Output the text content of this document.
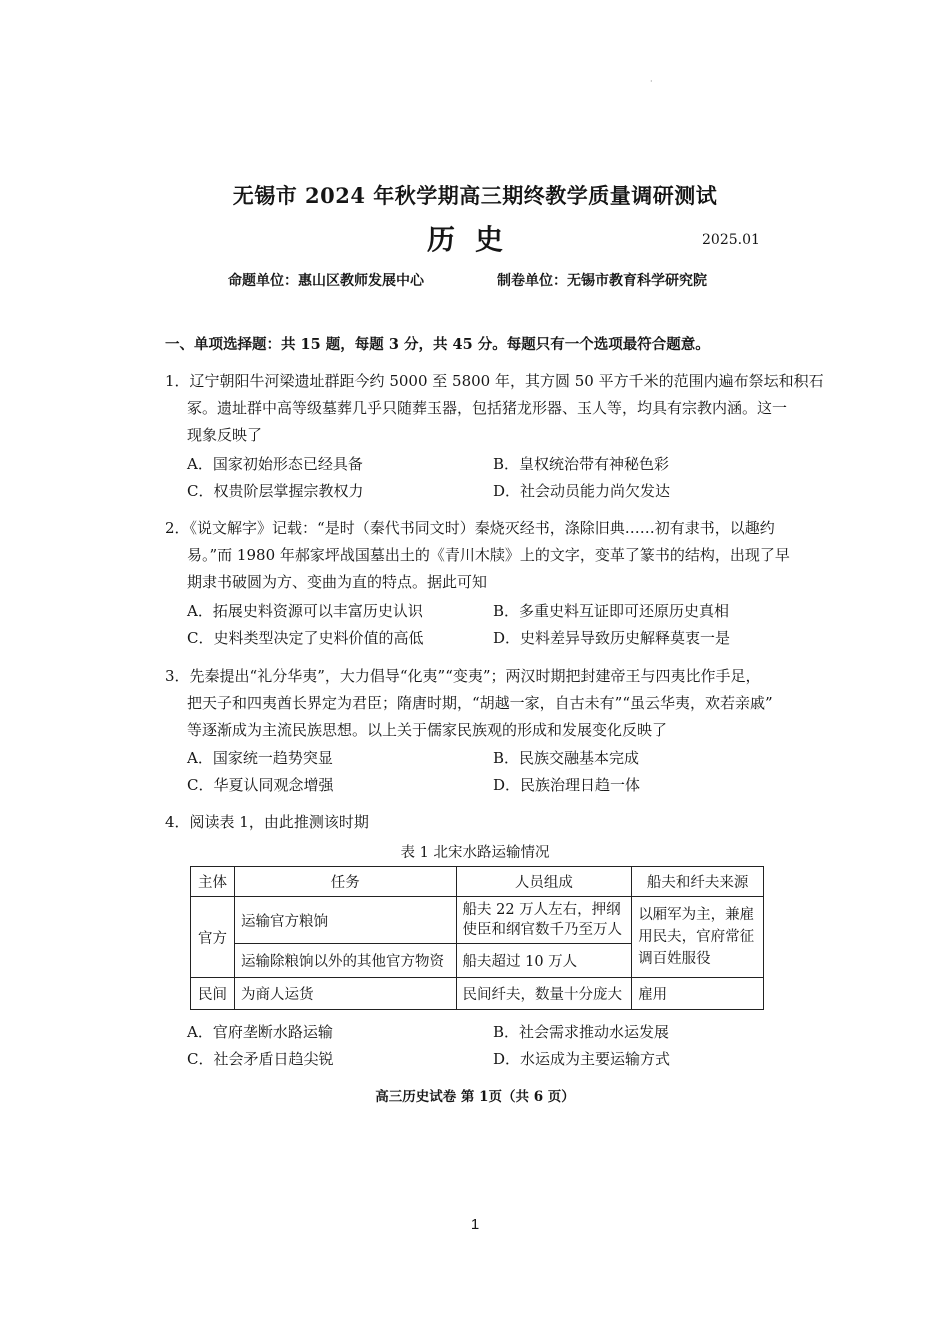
·
无锡市 2024 年秋学期高三期终教学质量调研测试
历史	2025.01
命题单位：惠山区教师发展中心	制卷单位：无锡市教育科学研究院
一、单项选择题：共 15 题，每题 3 分，共 45 分。每题只有一个选项最符合题意。
1．辽宁朝阳牛河梁遗址群距今约 5000 至 5800 年，其方圆 50 平方千米的范围内遍布祭坛和积石
冢。遗址群中高等级墓葬几乎只随葬玉器，包括猪龙形器、玉人等，均具有宗教内涵。这一
现象反映了
A．国家初始形态已经具备	B．皇权统治带有神秘色彩
C．权贵阶层掌握宗教权力	D．社会动员能力尚欠发达
2．《说文解字》记载：“是时（秦代书同文时）秦烧灭经书，涤除旧典……初有隶书，以趣约
易。”而 1980 年郝家坪战国墓出土的《青川木牍》上的文字，变革了篆书的结构，出现了早
期隶书破圆为方、变曲为直的特点。据此可知
A．拓展史料资源可以丰富历史认识	B．多重史料互证即可还原历史真相
C．史料类型决定了史料价值的高低	D．史料差异导致历史解释莫衷一是
3．先秦提出“礼分华夷”，大力倡导“化夷”“变夷”；两汉时期把封建帝王与四夷比作手足，
把天子和四夷酋长界定为君臣；隋唐时期，“胡越一家，自古未有”“虽云华夷，欢若亲戚”
等逐渐成为主流民族思想。以上关于儒家民族观的形成和发展变化反映了
A．国家统一趋势突显	B．民族交融基本完成
C．华夏认同观念增强	D．民族治理日趋一体
4．阅读表 1，由此推测该时期
表 1 北宋水路运输情况
主体	任务	人员组成	船夫和纤夫来源
官方	运输官方粮饷	船夫 22 万人左右，押纲使臣和纲官数千乃至万人	以厢军为主，兼雇用民夫，官府常征调百姓服役
	运输除粮饷以外的其他官方物资	船夫超过 10 万人	
民间	为商人运货	民间纤夫，数量十分庞大	雇用
A．官府垄断水路运输	B．社会需求推动水运发展
C．社会矛盾日趋尖锐	D．水运成为主要运输方式
高三历史试卷 第 1页（共 6 页）
1
